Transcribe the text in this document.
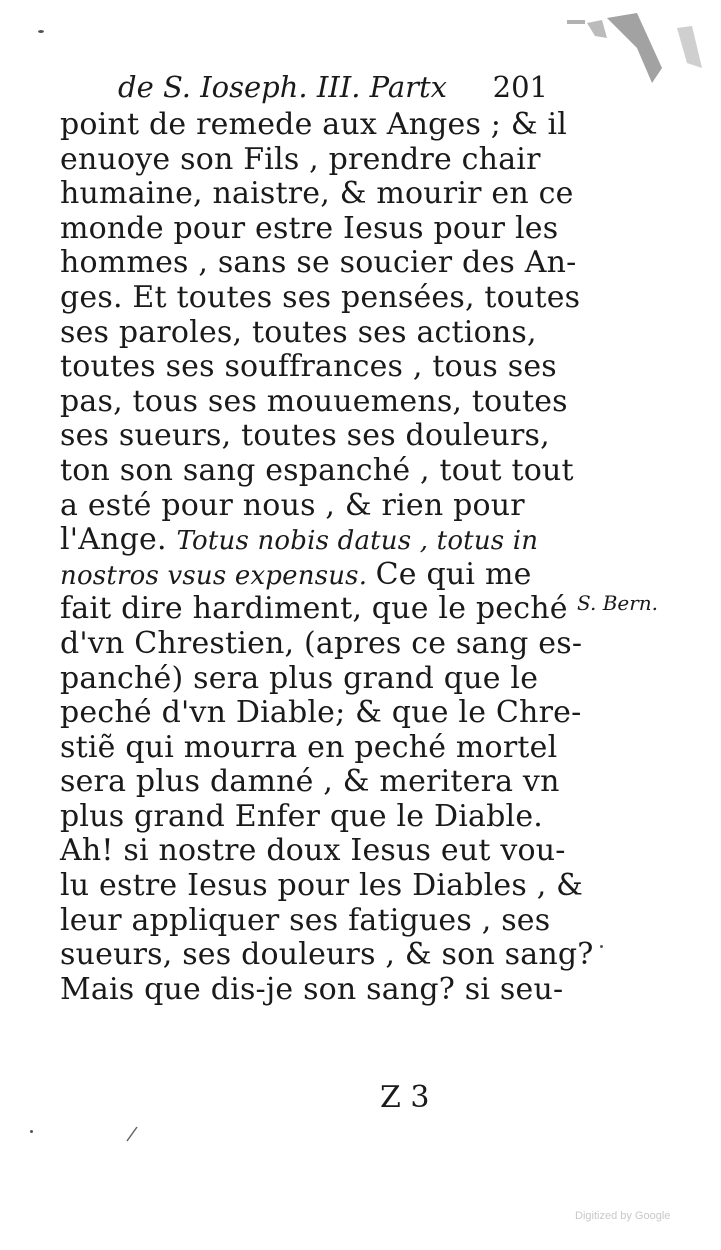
de S. Ioseph. III. Partx 201
point de remede aux Anges ; & il
enuoye son Fils , prendre chair
humaine, naistre, & mourir en ce
monde pour estre Iesus pour les
hommes , sans se soucier des An-
ges. Et toutes ses pensées, toutes
ses paroles, toutes ses actions,
toutes ses souffrances , tous ses
pas, tous ses mouuemens, toutes
ses sueurs, toutes ses douleurs,
ton son sang espanché , tout tout
a esté pour nous , & rien pour
l'Ange. Totus nobis datus , totus in
nostros vsus expensus. Ce qui me
fait dire hardiment, que le peché
d'vn Chrestien, (apres ce sang es-
panché) sera plus grand que le
peché d'vn Diable; & que le Chre-
stiẽ qui mourra en peché mortel
sera plus damné , & meritera vn
plus grand Enfer que le Diable.
Ah! si nostre doux Iesus eut vou-
lu estre Iesus pour les Diables , &
leur appliquer ses fatigues , ses
sueurs, ses douleurs , & son sang?
Mais que dis-je son sang? si seu-
S. Bern.
Z 3
Digitized by Google
